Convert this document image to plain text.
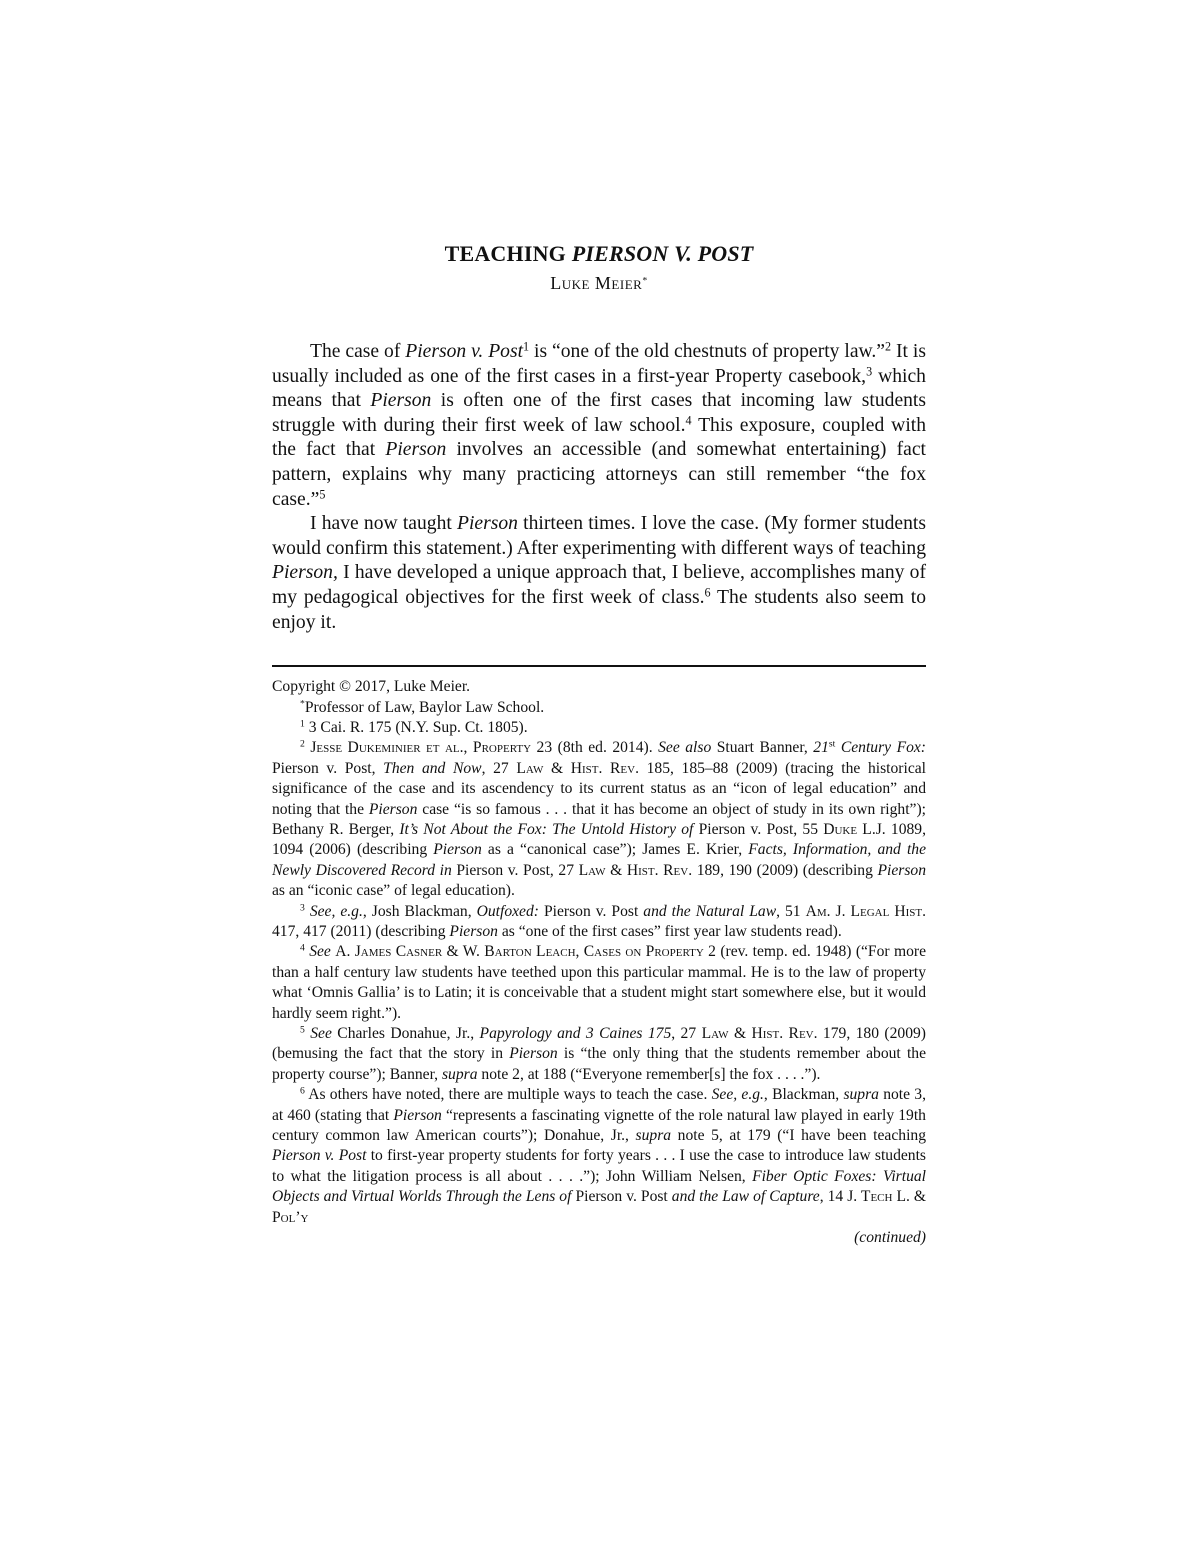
TEACHING PIERSON V. POST
Luke Meier*

The case of Pierson v. Post$^1$ is “one of the old chestnuts of property law.”$^2$ It is usually included as one of the first cases in a first-year Property casebook,$^3$ which means that Pierson is often one of the first cases that incoming law students struggle with during their first week of law school.$^4$ This exposure, coupled with the fact that Pierson involves an accessible (and somewhat entertaining) fact pattern, explains why many practicing attorneys can still remember “the fox case.”$^5$

I have now taught Pierson thirteen times. I love the case. (My former students would confirm this statement.) After experimenting with different ways of teaching Pierson, I have developed a unique approach that, I believe, accomplishes many of my pedagogical objectives for the first week of class.$^6$ The students also seem to enjoy it.

Copyright © 2017, Luke Meier.

*Professor of Law, Baylor Law School.

$^1$ 3 Cai. R. 175 (N.Y. Sup. Ct. 1805).

$^2$ Jesse Dukeminier et al., Property 23 (8th ed. 2014). See also Stuart Banner, 21st Century Fox: Pierson v. Post, Then and Now, 27 Law & Hist. Rev. 185, 185–88 (2009) (tracing the historical significance of the case and its ascendency to its current status as an “icon of legal education” and noting that the Pierson case “is so famous . . . that it has become an object of study in its own right”); Bethany R. Berger, It’s Not About the Fox: The Untold History of Pierson v. Post, 55 Duke L.J. 1089, 1094 (2006) (describing Pierson as a “canonical case”); James E. Krier, Facts, Information, and the Newly Discovered Record in Pierson v. Post, 27 Law & Hist. Rev. 189, 190 (2009) (describing Pierson as an “iconic case” of legal education).

$^3$ See, e.g., Josh Blackman, Outfoxed: Pierson v. Post and the Natural Law, 51 Am. J. Legal Hist. 417, 417 (2011) (describing Pierson as “one of the first cases” first year law students read).

$^4$ See A. James Casner & W. Barton Leach, Cases on Property 2 (rev. temp. ed. 1948) (“For more than a half century law students have teethed upon this particular mammal. He is to the law of property what ‘Omnis Gallia’ is to Latin; it is conceivable that a student might start somewhere else, but it would hardly seem right.”).

$^5$ See Charles Donahue, Jr., Papyrology and 3 Caines 175, 27 Law & Hist. Rev. 179, 180 (2009) (bemusing the fact that the story in Pierson is “the only thing that the students remember about the property course”); Banner, supra note 2, at 188 (“Everyone remember[s] the fox . . . .”).

$^6$ As others have noted, there are multiple ways to teach the case. See, e.g., Blackman, supra note 3, at 460 (stating that Pierson “represents a fascinating vignette of the role natural law played in early 19th century common law American courts”); Donahue, Jr., supra note 5, at 179 (“I have been teaching Pierson v. Post to first-year property students for forty years . . . I use the case to introduce law students to what the litigation process is all about . . . .”); John William Nelsen, Fiber Optic Foxes: Virtual Objects and Virtual Worlds Through the Lens of Pierson v. Post and the Law of Capture, 14 J. Tech L. & Pol’y

(continued)
